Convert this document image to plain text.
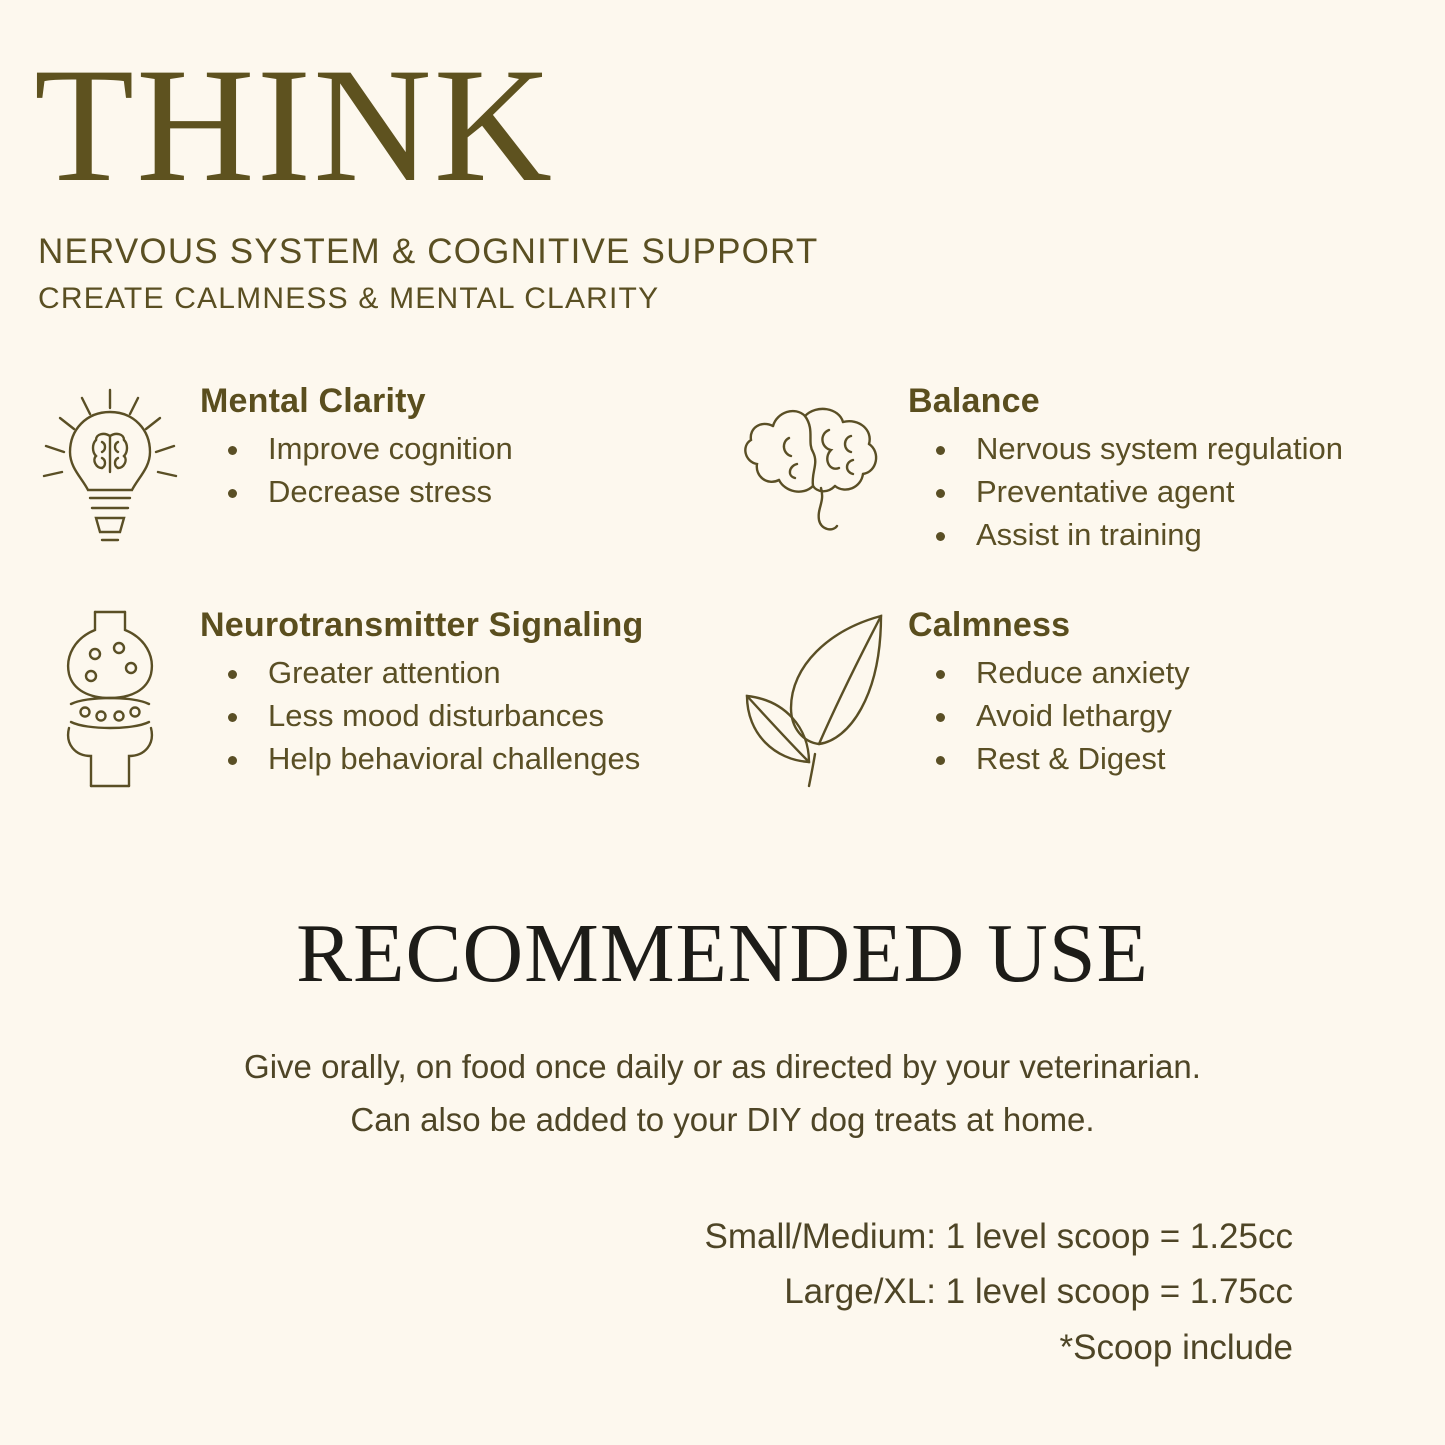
THINK
NERVOUS SYSTEM & COGNITIVE SUPPORT
CREATE CALMNESS & MENTAL CLARITY
Mental Clarity
Improve cognition
Decrease stress
Balance
Nervous system regulation
Preventative agent
Assist in training
Neurotransmitter Signaling
Greater attention
Less mood disturbances
Help behavioral challenges
Calmness
Reduce anxiety
Avoid lethargy
Rest & Digest
RECOMMENDED USE
Give orally, on food once daily or as directed by your veterinarian.
Can also be added to your DIY dog treats at home.
Small/Medium: 1 level scoop = 1.25cc
Large/XL: 1 level scoop = 1.75cc
*Scoop include
